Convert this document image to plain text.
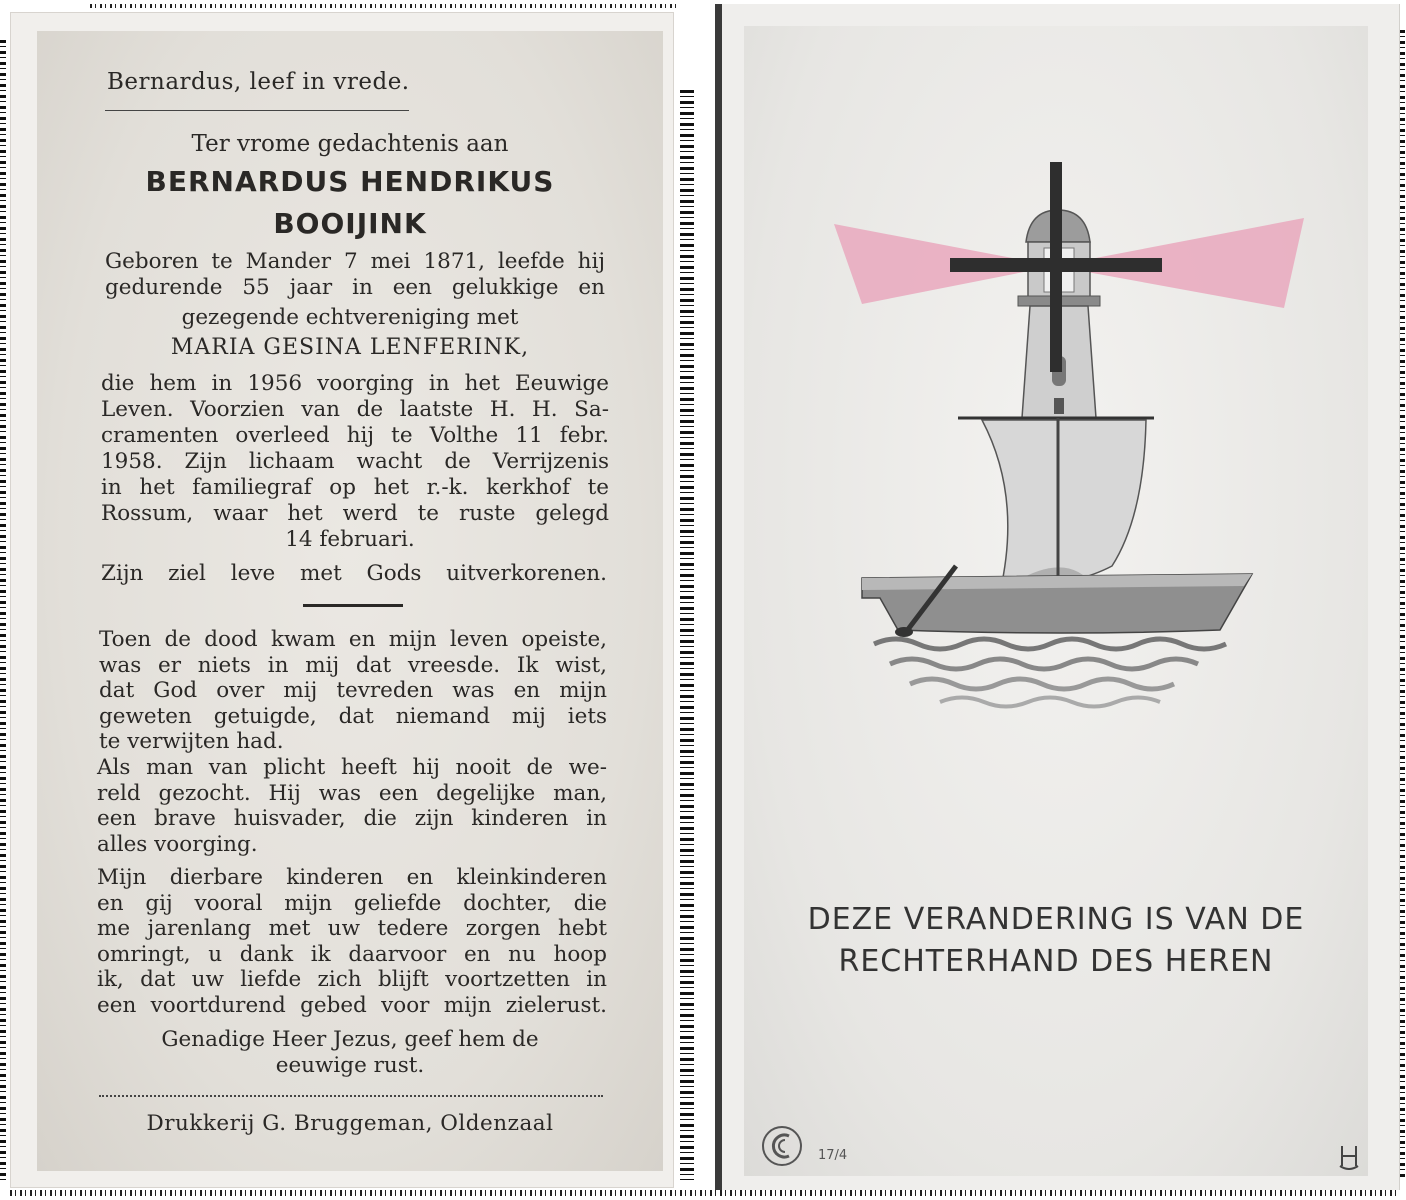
Bernardus, leef in vrede.

Ter vrome gedachtenis aan

BERNARDUS HENDRIKUS

BOOIJINK

Geboren te Mander 7 mei 1871, leefde hij
gedurende 55 jaar in een gelukkige en

gezegende echtvereniging met

MARIA GESINA LENFERINK,

die hem in 1956 voorging in het Eeuwige
Leven. Voorzien van de laatste H. H. Sa-
cramenten overleed hij te Volthe 11 febr.
1958. Zijn lichaam wacht de Verrijzenis
in het familiegraf op het r.-k. kerkhof te
Rossum, waar het werd te ruste gelegd

14 februari.

Zijn ziel leve met Gods uitverkorenen.

Toen de dood kwam en mijn leven opeiste,
was er niets in mij dat vreesde. Ik wist,
dat God over mij tevreden was en mijn
geweten getuigde, dat niemand mij iets
te verwijten had.
Als man van plicht heeft hij nooit de we-
reld gezocht. Hij was een degelijke man,
een brave huisvader, die zijn kinderen in
alles voorging.
Mijn dierbare kinderen en kleinkinderen
en gij vooral mijn geliefde dochter, die
me jarenlang met uw tedere zorgen hebt
omringt, u dank ik daarvoor en nu hoop
ik, dat uw liefde zich blijft voortzetten in
een voortdurend gebed voor mijn zielerust.
Genadige Heer Jezus, geef hem de
eeuwige rust.

Drukkerij G. Bruggeman, Oldenzaal

DEZE VERANDERING IS VAN DE

RECHTERHAND DES HEREN

17/4
